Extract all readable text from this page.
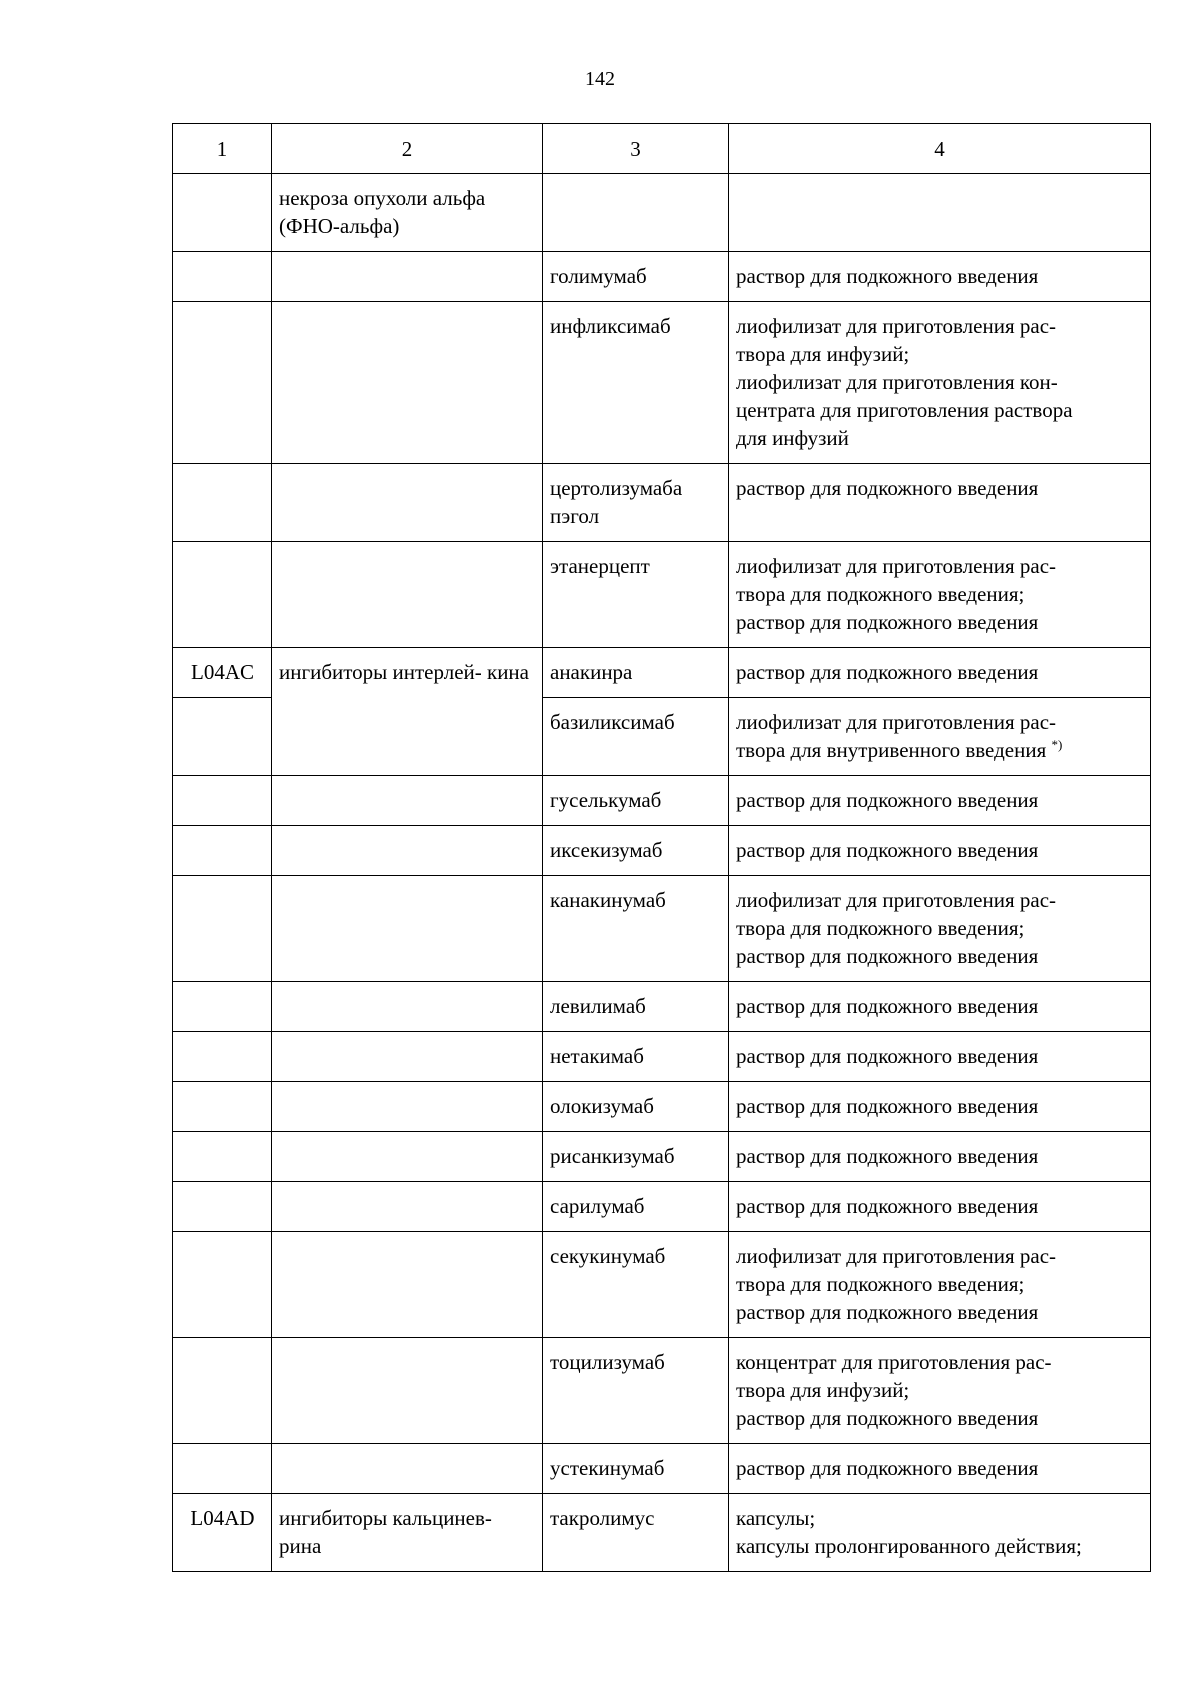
142
1	2	3	4
	некроза опухоли альфа (ФНО-альфа)		
		голимумаб	раствор для подкожного введения

		инфликсимаб	лиофилизат для приготовления рас-
твора для инфузий;
лиофилизат для приготовления кон-
центрата для приготовления раствора
для инфузий

		цертолизумаба пэгол	раствор для подкожного введения

		этанерцепт	лиофилизат для приготовления рас-
твора для подкожного введения;
раствор для подкожного введения

L04AC	ингибиторы интерлей- кина	анакинра	раствор для подкожного введения
		базиликсимаб	лиофилизат для приготовления рас-
твора для внутривенного введения *)

		гуселькумаб	раствор для подкожного введения

		иксекизумаб	раствор для подкожного введения

		канакинумаб	лиофилизат для приготовления рас-
твора для подкожного введения;
раствор для подкожного введения

		левилимаб	раствор для подкожного введения

		нетакимаб	раствор для подкожного введения

		олокизумаб	раствор для подкожного введения

		рисанкизумаб	раствор для подкожного введения

		сарилумаб	раствор для подкожного введения

		секукинумаб	лиофилизат для приготовления рас-
твора для подкожного введения;
раствор для подкожного введения

		тоцилизумаб	концентрат для приготовления рас-
твора для инфузий;
раствор для подкожного введения

		устекинумаб	раствор для подкожного введения

L04AD	ингибиторы кальцинев-
рина	такролимус	капсулы;
капсулы пролонгированного действия;
